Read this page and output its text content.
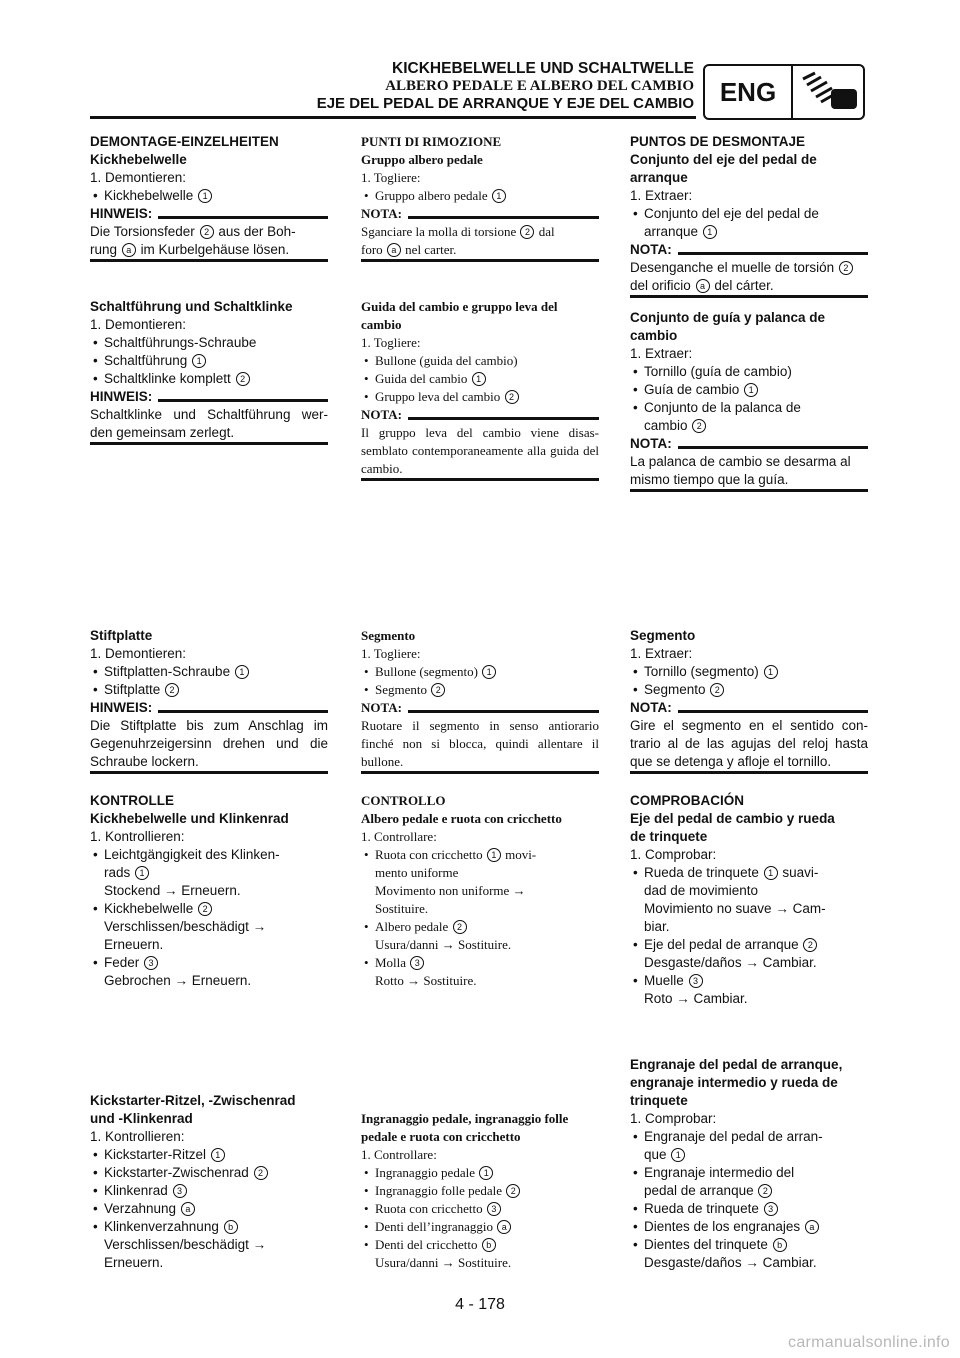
KICKHEBELWELLE UND SCHALTWELLE
ALBERO PEDALE E ALBERO DEL CAMBIO
EJE DEL PEDAL DE ARRANQUE Y EJE DEL CAMBIO ENG
DEMONTAGE-EINZELHEITEN
Kickhebelwelle
1. Demontieren:
• Kickhebelwelle 1
HINWEIS:
Die Torsionsfeder 2 aus der Boh-
rung a im Kurbelgehäuse lösen.
Schaltführung und Schaltklinke
1. Demontieren:
• Schaltführungs-Schraube
• Schaltführung 1
• Schaltklinke komplett 2
HINWEIS:
Schaltklinke und Schaltführung wer- den gemeinsam zerlegt.
Stiftplatte
1. Demontieren:
• Stiftplatten-Schraube 1
• Stiftplatte 2
HINWEIS:
Die Stiftplatte bis zum Anschlag im Gegenuhrzeigersinn drehen und die Schraube lockern.
KONTROLLE
Kickhebelwelle und Klinkenrad
1. Kontrollieren:
• Leichtgängigkeit des Klinken-
rads 1
Stockend → Erneuern.
• Kickhebelwelle 2
Verschlissen/beschädigt →
Erneuern.
• Feder 3
Gebrochen → Erneuern.
Kickstarter-Ritzel, -Zwischenrad
und -Klinkenrad
1. Kontrollieren:
• Kickstarter-Ritzel 1
• Kickstarter-Zwischenrad 2
• Klinkenrad 3
• Verzahnung a
• Klinkenverzahnung b
Verschlissen/beschädigt →
Erneuern.
PUNTI DI RIMOZIONE
Gruppo albero pedale
1. Togliere:
• Gruppo albero pedale 1
NOTA:
Sganciare la molla di torsione 2 dal
foro a nel carter.
Guida del cambio e gruppo leva del cambio
1. Togliere:
• Bullone (guida del cambio)
• Guida del cambio 1
• Gruppo leva del cambio 2
NOTA:
Il gruppo leva del cambio viene disas- semblato contemporaneamente alla guida del cambio.
Segmento
1. Togliere:
• Bullone (segmento) 1
• Segmento 2
NOTA:
Ruotare il segmento in senso antiorario finché non si blocca, quindi allentare il bullone.
CONTROLLO
Albero pedale e ruota con cricchetto
1. Controllare:
• Ruota con cricchetto 1 movi-
mento uniforme
Movimento non uniforme →
Sostituire.
• Albero pedale 2
Usura/danni → Sostituire.
• Molla 3
Rotto → Sostituire.
Ingranaggio pedale, ingranaggio folle
pedale e ruota con cricchetto
1. Controllare:
• Ingranaggio pedale 1
• Ingranaggio folle pedale 2
• Ruota con cricchetto 3
• Denti dell’ingranaggio a
• Denti del cricchetto b
Usura/danni → Sostituire.
PUNTOS DE DESMONTAJE
Conjunto del eje del pedal de
arranque
1. Extraer:
• Conjunto del eje del pedal de
arranque 1
NOTA:
Desenganche el muelle de torsión 2
del orificio a del cárter.
Conjunto de guía y palanca de
cambio
1. Extraer:
• Tornillo (guía de cambio)
• Guía de cambio 1
• Conjunto de la palanca de
cambio 2
NOTA:
La palanca de cambio se desarma al mismo tiempo que la guía.
Segmento
1. Extraer:
• Tornillo (segmento) 1
• Segmento 2
NOTA:
Gire el segmento en el sentido con- trario al de las agujas del reloj hasta que se detenga y afloje el tornillo.
COMPROBACIÓN
Eje del pedal de cambio y rueda
de trinquete
1. Comprobar:
• Rueda de trinquete 1 suavi-
dad de movimiento
Movimiento no suave → Cam-
biar.
• Eje del pedal de arranque 2
Desgaste/daños → Cambiar.
• Muelle 3
Roto → Cambiar.
Engranaje del pedal de arranque,
engranaje intermedio y rueda de
trinquete
1. Comprobar:
• Engranaje del pedal de arran-
que 1
• Engranaje intermedio del
pedal de arranque 2
• Rueda de trinquete 3
• Dientes de los engranajes a
• Dientes del trinquete b
Desgaste/daños → Cambiar.
4 - 178
carmanualsonline.info
